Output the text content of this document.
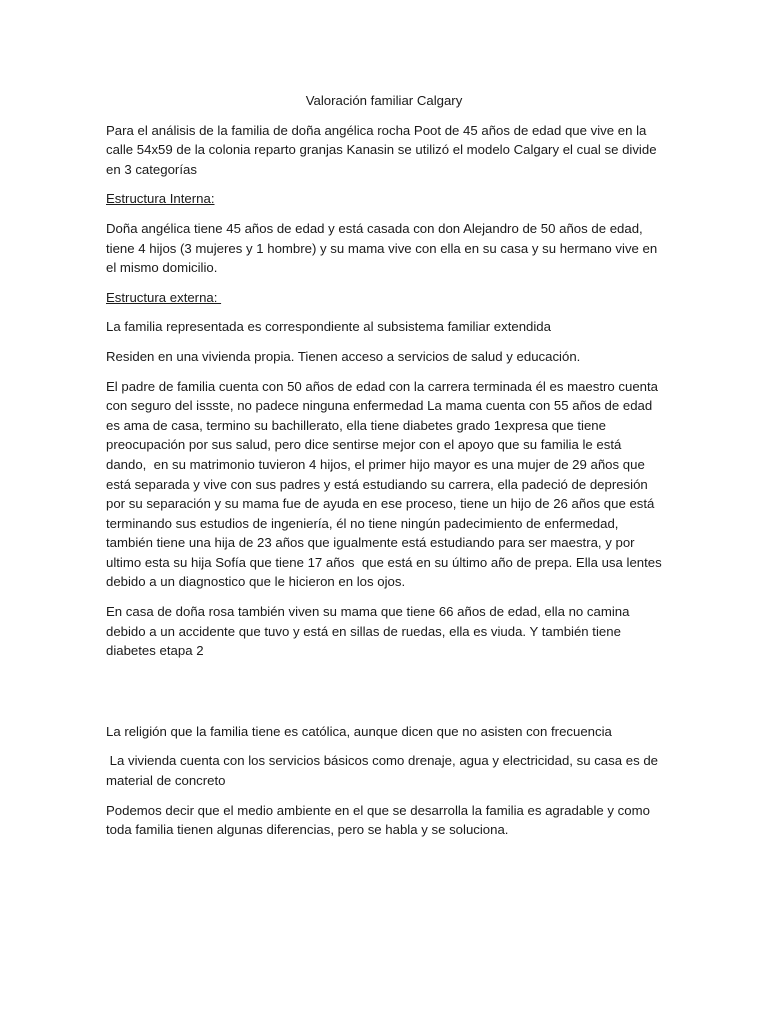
Valoración familiar Calgary

Para el análisis de la familia de doña angélica rocha Poot de 45 años de edad que vive en la calle 54x59 de la colonia reparto granjas Kanasin se utilizó el modelo Calgary el cual se divide en 3 categorías

Estructura Interna:

Doña angélica tiene 45 años de edad y está casada con don Alejandro de 50 años de edad, tiene 4 hijos (3 mujeres y 1 hombre) y su mama vive con ella en su casa y su hermano vive en el mismo domicilio.

Estructura externa:

La familia representada es correspondiente al subsistema familiar extendida

Residen en una vivienda propia. Tienen acceso a servicios de salud y educación.

El padre de familia cuenta con 50 años de edad con la carrera terminada él es maestro cuenta con seguro del issste, no padece ninguna enfermedad La mama cuenta con 55 años de edad es ama de casa, termino su bachillerato, ella tiene diabetes grado 1expresa que tiene preocupación por sus salud, pero dice sentirse mejor con el apoyo que su familia le está dando,  en su matrimonio tuvieron 4 hijos, el primer hijo mayor es una mujer de 29 años que está separada y vive con sus padres y está estudiando su carrera, ella padeció de depresión por su separación y su mama fue de ayuda en ese proceso, tiene un hijo de 26 años que está terminando sus estudios de ingeniería, él no tiene ningún padecimiento de enfermedad, también tiene una hija de 23 años que igualmente está estudiando para ser maestra, y por ultimo esta su hija Sofía que tiene 17 años  que está en su último año de prepa. Ella usa lentes debido a un diagnostico que le hicieron en los ojos.

En casa de doña rosa también viven su mama que tiene 66 años de edad, ella no camina debido a un accidente que tuvo y está en sillas de ruedas, ella es viuda. Y también tiene diabetes etapa 2

La religión que la familia tiene es católica, aunque dicen que no asisten con frecuencia

La vivienda cuenta con los servicios básicos como drenaje, agua y electricidad, su casa es de material de concreto

Podemos decir que el medio ambiente en el que se desarrolla la familia es agradable y como toda familia tienen algunas diferencias, pero se habla y se soluciona.
